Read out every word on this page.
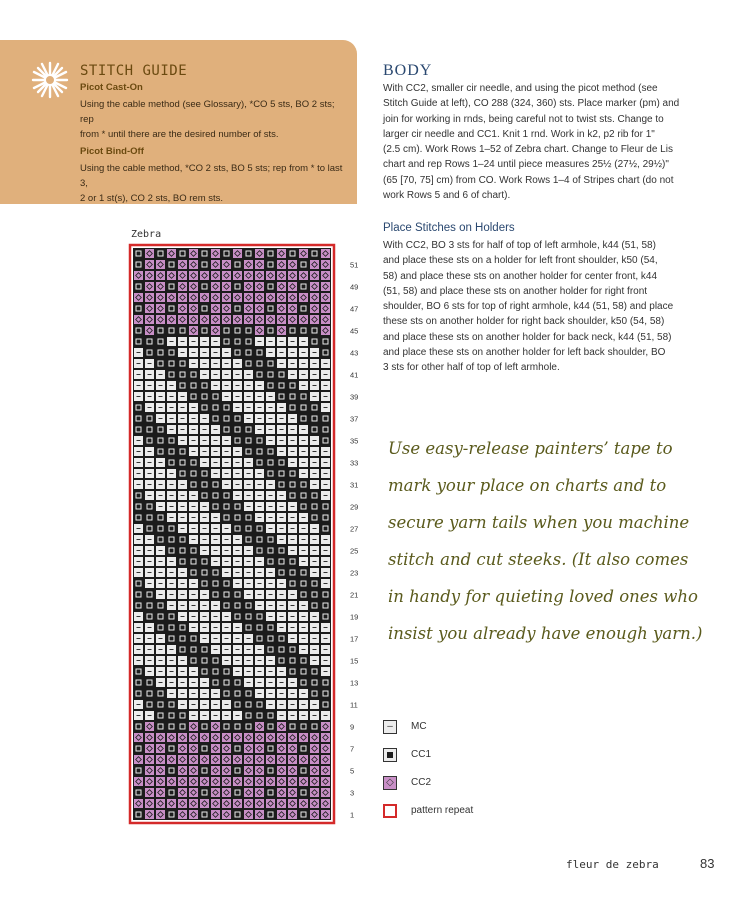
STITCH GUIDE
Picot Cast-On
Using the cable method (see Glossary), *CO 5 sts, BO 2 sts; rep
from * until there are the desired number of sts.
Picot Bind-Off
Using the cable method, *CO 2 sts, BO 5 sts; rep from * to last 3,
2 or 1 st(s), CO 2 sts, BO rem sts.
BODY
With CC2, smaller cir needle, and using the picot method (see
Stitch Guide at left), CO 288 (324, 360) sts. Place marker (pm) and
join for working in rnds, being careful not to twist sts. Change to
larger cir needle and CC1. Knit 1 rnd. Work in k2, p2 rib for 1"
(2.5 cm). Work Rows 1–52 of Zebra chart. Change to Fleur de Lis
chart and rep Rows 1–24 until piece measures 25½ (27½, 29½)"
(65 [70, 75] cm) from CO. Work Rows 1–4 of Stripes chart (do not
work Rows 5 and 6 of chart).
Place Stitches on Holders
With CC2, BO 3 sts for half of top of left armhole, k44 (51, 58)
and place these sts on a holder for left front shoulder, k50 (54,
58) and place these sts on another holder for center front, k44
(51, 58) and place these sts on another holder for right front
shoulder, BO 6 sts for top of right armhole, k44 (51, 58) and place
these sts on another holder for right back shoulder, k50 (54, 58)
and place these sts on another holder for back neck, k44 (51, 58)
and place these sts on another holder for left back shoulder, BO
3 sts for other half of top of left armhole.
Use easy-release painters’ tape to
mark your place on charts and to
secure yarn tails when you machine
stitch and cut steeks. (It also comes
in handy for quieting loved ones who
insist you already have enough yarn.)
Zebra
51
49
47
45
43
41
39
37
35
33
31
29
27
25
23
21
19
17
15
13
11
9
7
5
3
1
–	MC
CC1
◇	CC2
pattern repeat
fleur de zebra	83
